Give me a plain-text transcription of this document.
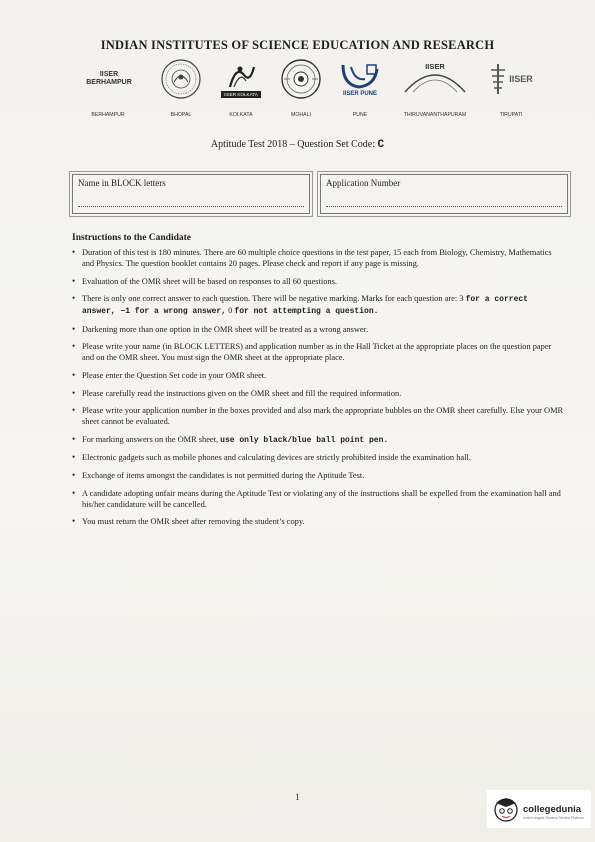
INDIAN INSTITUTES OF SCIENCE EDUCATION AND RESEARCH
IISER
BERHAMPUR
IISER KOLKATA	IISER PUNE
IISER
IISER
BERHAMPUR	BHOPAL	KOLKATA	MOHALI	PUNE	THIRUVANANTHAPURAM	TIRUPATI
Aptitude Test 2018 – Question Set Code: C
Name in BLOCK letters	Application Number
Instructions to the Candidate
• Duration of this test is 180 minutes. There are 60 multiple choice questions in the test paper, 15 each from Biology, Chemistry, Mathematics and Physics. The question booklet contains 20 pages. Please check and report if any page is missing.
• Evaluation of the OMR sheet will be based on responses to all 60 questions.
• There is only one correct answer to each question. There will be negative marking. Marks for each question are: 3 for a correct answer, −1 for a wrong answer, 0 for not attempting a question.
• Darkening more than one option in the OMR sheet will be treated as a wrong answer.
• Please write your name (in BLOCK LETTERS) and application number as in the Hall Ticket at the appropriate places on the question paper and on the OMR sheet. You must sign the OMR sheet at the appropriate place.
• Please enter the Question Set code in your OMR sheet.
• Please carefully read the instructions given on the OMR sheet and fill the required information.
• Please write your application number in the boxes provided and also mark the appropriate bubbles on the OMR sheet carefully. Else your OMR sheet cannot be evaluated.
• For marking answers on the OMR sheet, use only black/blue ball point pen.
• Electronic gadgets such as mobile phones and calculating devices are strictly prohibited inside the examination hall.
• Exchange of items amongst the candidates is not permitted during the Aptitude Test.
• A candidate adopting unfair means during the Aptitude Test or violating any of the instructions shall be expelled from the examination hall and his/her candidature will be cancelled.
• You must return the OMR sheet after removing the student’s copy.
1
collegedunia
India's largest Student Review Platform
